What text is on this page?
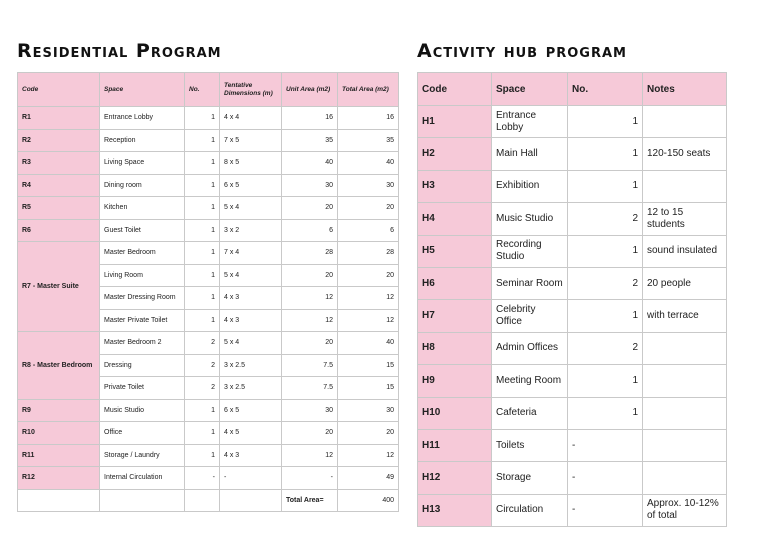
Residential Program	Activity hub program
Code	Space	No.	Tentative Dimensions (m)	Unit Area (m2)	Total Area (m2)
R1	Entrance Lobby	1	4 x 4	16	16
R2	Reception	1	7 x 5	35	35
R3	Living Space	1	8 x 5	40	40
R4	Dining room	1	6 x 5	30	30
R5	Kitchen	1	5 x 4	20	20
R6	Guest Toilet	1	3 x 2	6	6
R7 - Master Suite	Master Bedroom	1	7 x 4	28	28
	Living Room	1	5 x 4	20	20
	Master Dressing Room	1	4 x 3	12	12
	Master Private Toilet	1	4 x 3	12	12
R8 - Master Bedroom	Master Bedroom 2	2	5 x 4	20	40
	Dressing	2	3 x 2.5	7.5	15
	Private Toilet	2	3 x 2.5	7.5	15
R9	Music Studio	1	6 x 5	30	30
R10	Office	1	4 x 5	20	20
R11	Storage / Laundry	1	4 x 3	12	12
R12	Internal Circulation	-	-	-	49
				Total Area=	400
Code	Space	No.	Notes
H1	Entrance Lobby	1	
H2	Main Hall	1	120-150 seats
H3	Exhibition	1	
H4	Music Studio	2	12 to 15 students
H5	Recording Studio	1	sound insulated
H6	Seminar Room	2	20 people
H7	Celebrity Office	1	with terrace
H8	Admin Offices	2	
H9	Meeting Room	1	
H10	Cafeteria	1	
H11	Toilets	-	
H12	Storage	-	
H13	Circulation	-	Approx. 10-12% of total
